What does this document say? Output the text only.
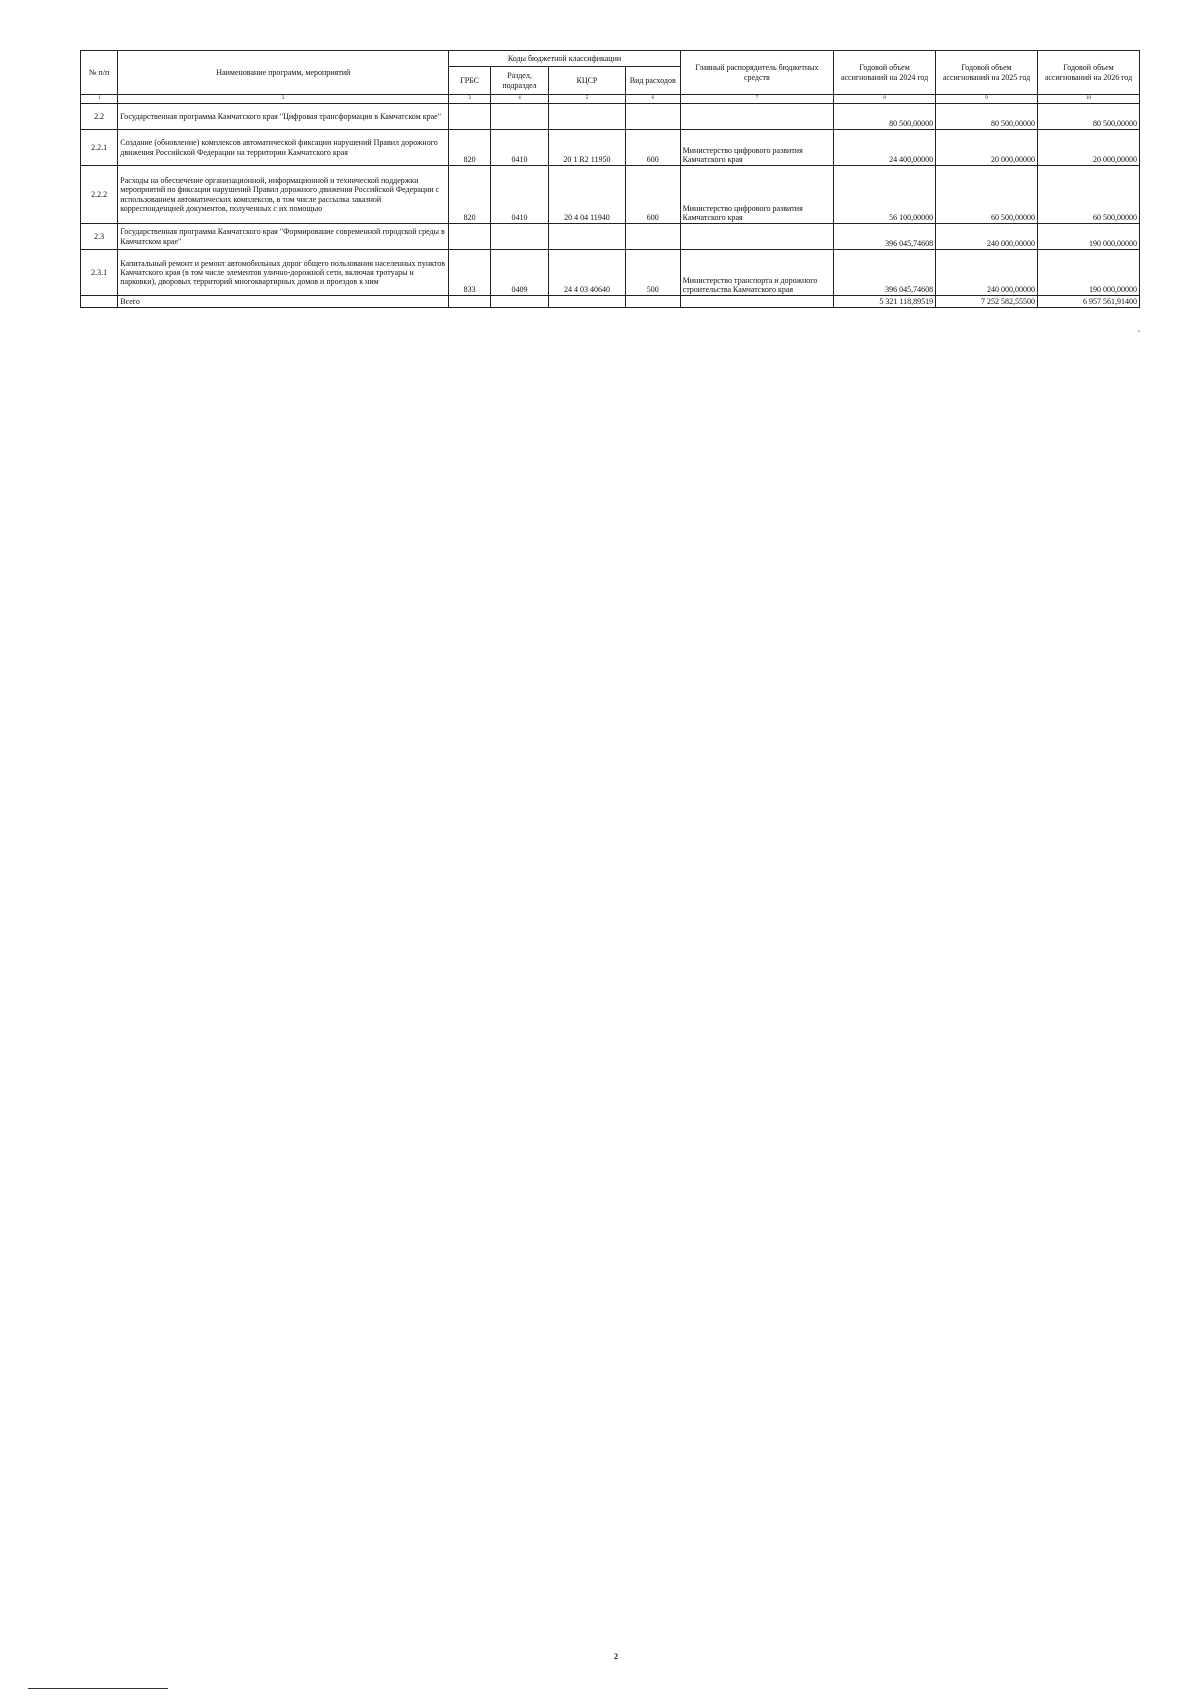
№ п/п	Наименование программ, мероприятий	Коды бюджетной классификации				Главный распорядитель бюджетных средств	Годовой объем ассигнований на 2024 год	Годовой объем ассигнований на 2025 год	Годовой объем ассигнований на 2026 год
		ГРБС	Раздел, подраздел	КЦСР	Вид расходов				
1	2	3	4	5	6	7	8	9	10
2.2	Государственная программа Камчатского края "Цифровая трансформация в Камчатском крае"						80 500,00000	80 500,00000	80 500,00000
2.2.1	Создание (обновление) комплексов автоматической фиксации нарушений Правил дорожного движения Российской Федерации на территории Камчатского края	820	0410	20 1 R2 11950	600	Министерство цифрового развития Камчатского края	24 400,00000	20 000,00000	20 000,00000
2.2.2	Расходы на обеспечение организационной, информационной и технической поддержки мероприятий по фиксации нарушений Правил дорожного движения Российской Федерации с использованием автоматических комплексов, в том числе рассылка заказной корреспонденцией документов, полученных с их помощью	820	0410	20 4 04 11940	600	Министерство цифрового развития Камчатского края	56 100,00000	60 500,00000	60 500,00000
2.3	Государственная программа Камчатского края "Формирование современной городской среды в Камчатском крае"						396 045,74608	240 000,00000	190 000,00000
2.3.1	Капитальный ремонт и ремонт автомобильных дорог общего пользования населенных пунктов Камчатского края (в том числе элементов улично-дорожной сети, включая тротуары и парковки), дворовых территорий многоквартирных домов и проездов к ним	833	0409	24 4 03 40640	500	Министерство транспорта и дорожного строительства Камчатского края	396 045,74608	240 000,00000	190 000,00000
	Всего						5 321 118,89519	7 252 582,55500	6 957 561,91400
•
2
